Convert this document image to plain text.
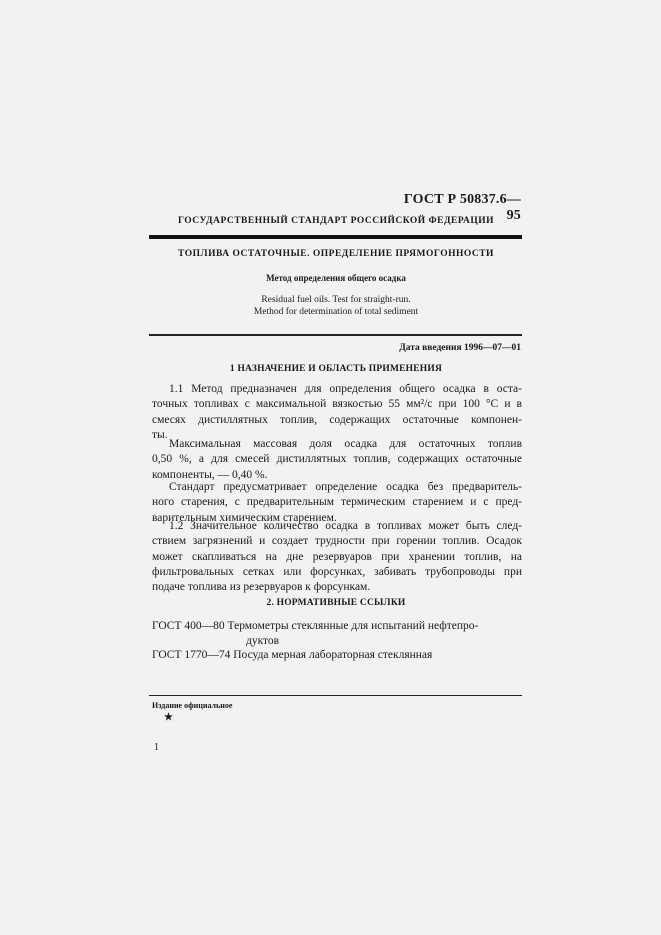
ГОСТ Р 50837.6—95
ГОСУДАРСТВЕННЫЙ СТАНДАРТ РОССИЙСКОЙ ФЕДЕРАЦИИ
ТОПЛИВА ОСТАТОЧНЫЕ. ОПРЕДЕЛЕНИЕ ПРЯМОГОННОСТИ
Метод определения общего осадка
Residual fuel oils. Test for straight-run.
Method for determination of total sediment
Дата введения 1996—07—01
1 НАЗНАЧЕНИЕ И ОБЛАСТЬ ПРИМЕНЕНИЯ
1.1 Метод предназначен для определения общего осадка в оста-
точных топливах с максимальной вязкостью 55 мм²/с при 100 °С и в
смесях дистиллятных топлив, содержащих остаточные компонен-
ты.
Максимальная массовая доля осадка для остаточных топлив
0,50 %, а для смесей дистиллятных топлив, содержащих остаточные
компоненты, — 0,40 %.
Стандарт предусматривает определение осадка без предваритель-
ного старения, с предварительным термическим старением и с пред-
варительным химическим старением.
1.2 Значительное количество осадка в топливах может быть след-
ствием загрязнений и создает трудности при горении топлив. Осадок
может скапливаться на дне резервуаров при хранении топлив, на
фильтровальных сетках или форсунках, забивать трубопроводы при
подаче топлива из резервуаров к форсункам.
2. НОРМАТИВНЫЕ ССЫЛКИ
ГОСТ 400—80 Термометры стеклянные для испытаний нефтепро-
дуктов
ГОСТ 1770—74 Посуда мерная лабораторная стеклянная
Издание официальное
★
1
